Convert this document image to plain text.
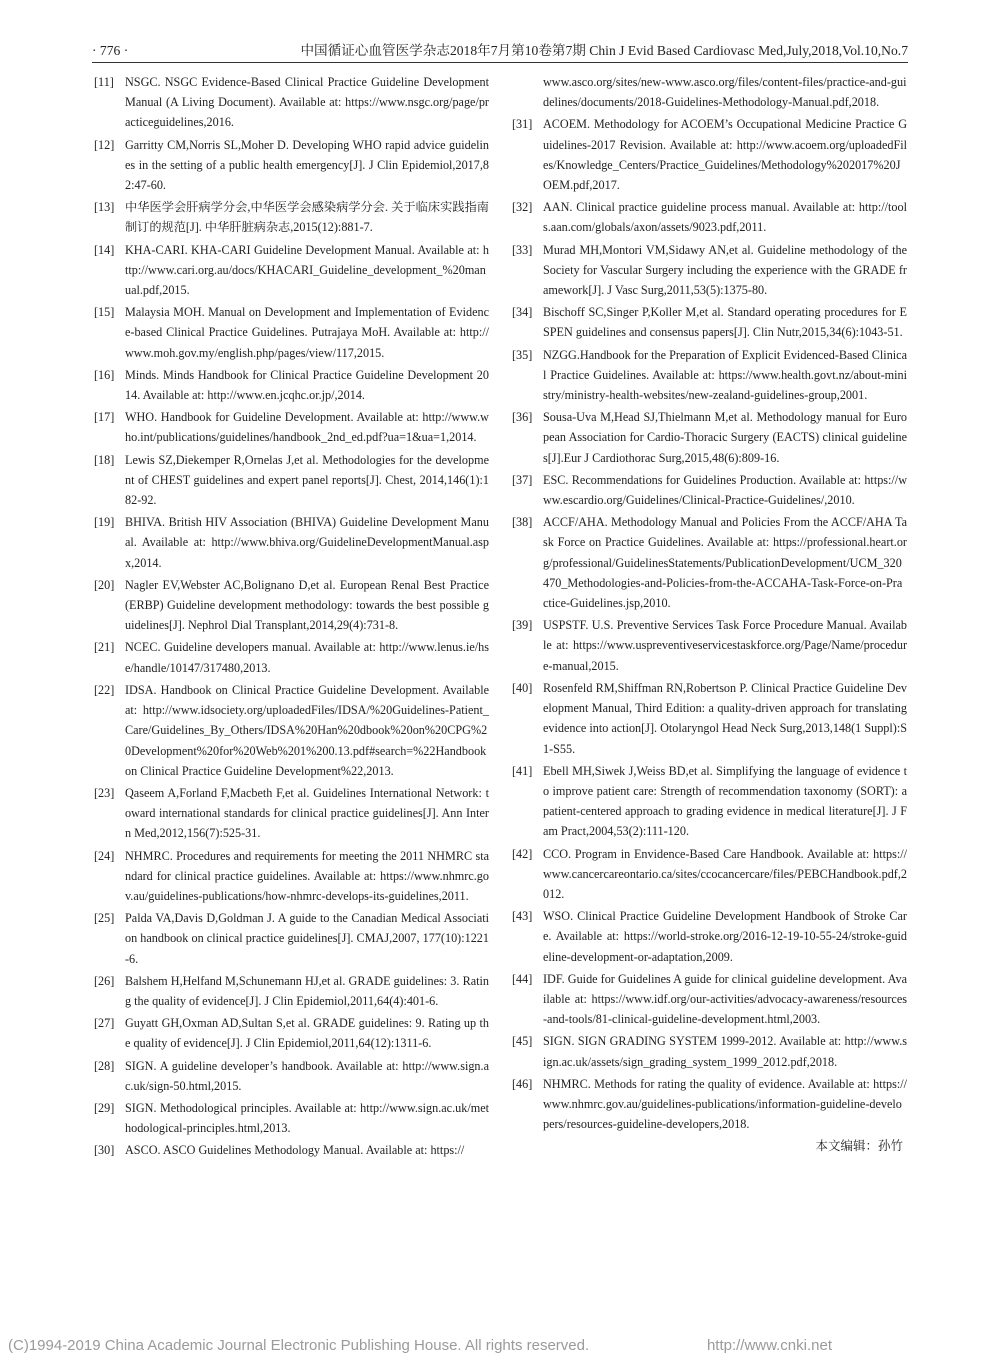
· 776 ·	中国循证心血管医学杂志2018年7月第10卷第7期 Chin J Evid Based Cardiovasc Med,July,2018,Vol.10,No.7
[11] NSGC. NSGC Evidence-Based Clinical Practice Guideline Development Manual (A Living Document). Available at: https://www.nsgc.org/page/practiceguidelines,2016.
[12] Garritty CM,Norris SL,Moher D. Developing WHO rapid advice guidelines in the setting of a public health emergency[J]. J Clin Epidemiol,2017,82:47-60.
[13] 中华医学会肝病学分会,中华医学会感染病学分会. 关于临床实践指南制订的规范[J]. 中华肝脏病杂志,2015(12):881-7.
[14] KHA-CARI. KHA-CARI Guideline Development Manual. Available at: http://www.cari.org.au/docs/KHACARI_Guideline_development_%20manual.pdf,2015.
[15] Malaysia MOH. Manual on Development and Implementation of Evidence-based Clinical Practice Guidelines. Putrajaya MoH. Available at: http://www.moh.gov.my/english.php/pages/view/117,2015.
[16] Minds. Minds Handbook for Clinical Practice Guideline Development 2014. Available at: http://www.en.jcqhc.or.jp/,2014.
[17] WHO. Handbook for Guideline Development. Available at: http://www.who.int/publications/guidelines/handbook_2nd_ed.pdf?ua=1&ua=1,2014.
[18] Lewis SZ,Diekemper R,Ornelas J,et al. Methodologies for the development of CHEST guidelines and expert panel reports[J]. Chest, 2014,146(1):182-92.
[19] BHIVA. British HIV Association (BHIVA) Guideline Development Manual. Available at: http://www.bhiva.org/GuidelineDevelopmentManual.aspx,2014.
[20] Nagler EV,Webster AC,Bolignano D,et al. European Renal Best Practice (ERBP) Guideline development methodology: towards the best possible guidelines[J]. Nephrol Dial Transplant,2014,29(4):731-8.
[21] NCEC. Guideline developers manual. Available at: http://www.lenus.ie/hse/handle/10147/317480,2013.
[22] IDSA. Handbook on Clinical Practice Guideline Development. Available at: http://www.idsociety.org/uploadedFiles/IDSA/%20Guidelines-Patient_Care/Guidelines_By_Others/IDSA%20Han%20dbook%20on%20CPG%20Development%20for%20Web%201%200.13.pdf#search=%22Handbook on Clinical Practice Guideline Development%22,2013.
[23] Qaseem A,Forland F,Macbeth F,et al. Guidelines International Network: toward international standards for clinical practice guidelines[J]. Ann Intern Med,2012,156(7):525-31.
[24] NHMRC. Procedures and requirements for meeting the 2011 NHMRC standard for clinical practice guidelines. Available at: https://www.nhmrc.gov.au/guidelines-publications/how-nhmrc-develops-its-guidelines,2011.
[25] Palda VA,Davis D,Goldman J. A guide to the Canadian Medical Association handbook on clinical practice guidelines[J]. CMAJ,2007, 177(10):1221-6.
[26] Balshem H,Helfand M,Schunemann HJ,et al. GRADE guidelines: 3. Rating the quality of evidence[J]. J Clin Epidemiol,2011,64(4):401-6.
[27] Guyatt GH,Oxman AD,Sultan S,et al. GRADE guidelines: 9. Rating up the quality of evidence[J]. J Clin Epidemiol,2011,64(12):1311-6.
[28] SIGN. A guideline developer’s handbook. Available at: http://www.sign.ac.uk/sign-50.html,2015.
[29] SIGN. Methodological principles. Available at: http://www.sign.ac.uk/methodological-principles.html,2013.
[30] ASCO. ASCO Guidelines Methodology Manual. Available at: https://
www.asco.org/sites/new-www.asco.org/files/content-files/practice-and-guidelines/documents/2018-Guidelines-Methodology-Manual.pdf,2018.
[31] ACOEM. Methodology for ACOEM’s Occupational Medicine Practice Guidelines-2017 Revision. Available at: http://www.acoem.org/uploadedFiles/Knowledge_Centers/Practice_Guidelines/Methodology%202017%20JOEM.pdf,2017.
[32] AAN. Clinical practice guideline process manual. Available at: http://tools.aan.com/globals/axon/assets/9023.pdf,2011.
[33] Murad MH,Montori VM,Sidawy AN,et al. Guideline methodology of the Society for Vascular Surgery including the experience with the GRADE framework[J]. J Vasc Surg,2011,53(5):1375-80.
[34] Bischoff SC,Singer P,Koller M,et al. Standard operating procedures for ESPEN guidelines and consensus papers[J]. Clin Nutr,2015,34(6):1043-51.
[35] NZGG.Handbook for the Preparation of Explicit Evidenced-Based Clinical Practice Guidelines. Available at: https://www.health.govt.nz/about-ministry/ministry-health-websites/new-zealand-guidelines-group,2001.
[36] Sousa-Uva M,Head SJ,Thielmann M,et al. Methodology manual for European Association for Cardio-Thoracic Surgery (EACTS) clinical guidelines[J].Eur J Cardiothorac Surg,2015,48(6):809-16.
[37] ESC. Recommendations for Guidelines Production. Available at: https://www.escardio.org/Guidelines/Clinical-Practice-Guidelines/,2010.
[38] ACCF/AHA. Methodology Manual and Policies From the ACCF/AHA Task Force on Practice Guidelines. Available at: https://professional.heart.org/professional/GuidelinesStatements/PublicationDevelopment/UCM_320470_Methodologies-and-Policies-from-the-ACCAHA-Task-Force-on-Practice-Guidelines.jsp,2010.
[39] USPSTF. U.S. Preventive Services Task Force Procedure Manual. Available at: https://www.uspreventiveservicestaskforce.org/Page/Name/procedure-manual,2015.
[40] Rosenfeld RM,Shiffman RN,Robertson P. Clinical Practice Guideline Development Manual, Third Edition: a quality-driven approach for translating evidence into action[J]. Otolaryngol Head Neck Surg,2013,148(1 Suppl):S1-S55.
[41] Ebell MH,Siwek J,Weiss BD,et al. Simplifying the language of evidence to improve patient care: Strength of recommendation taxonomy (SORT): a patient-centered approach to grading evidence in medical literature[J]. J Fam Pract,2004,53(2):111-120.
[42] CCO. Program in Envidence-Based Care Handbook. Available at: https://www.cancercareontario.ca/sites/ccocancercare/files/PEBCHandbook.pdf,2012.
[43] WSO. Clinical Practice Guideline Development Handbook of Stroke Care. Available at: https://world-stroke.org/2016-12-19-10-55-24/stroke-guideline-development-or-adaptation,2009.
[44] IDF. Guide for Guidelines A guide for clinical guideline development. Available at: https://www.idf.org/our-activities/advocacy-awareness/resources-and-tools/81-clinical-guideline-development.html,2003.
[45] SIGN. SIGN GRADING SYSTEM 1999-2012. Available at: http://www.sign.ac.uk/assets/sign_grading_system_1999_2012.pdf,2018.
[46] NHMRC. Methods for rating the quality of evidence. Available at: https://www.nhmrc.gov.au/guidelines-publications/information-guideline-developers/resources-guideline-developers,2018.
本文编辑：孙竹
(C)1994-2019 China Academic Journal Electronic Publishing House. All rights reserved.	http://www.cnki.net
